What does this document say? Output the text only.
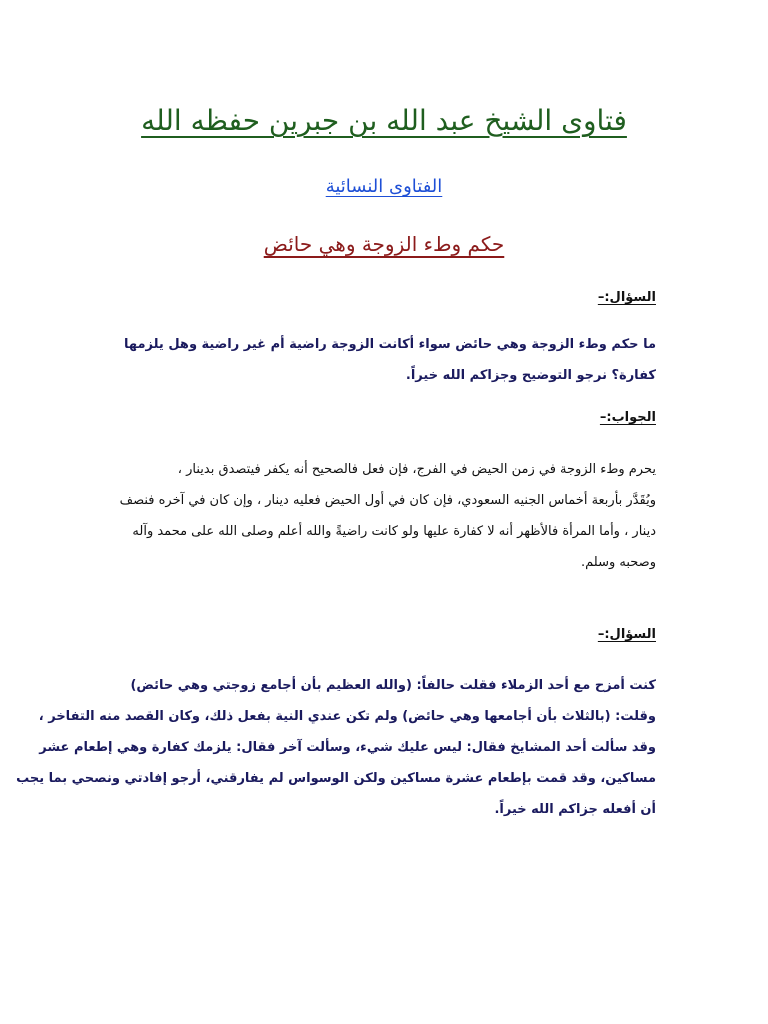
فتاوى الشيخ عبد الله بن جبرين حفظه الله
الفتاوى النسائية
حكم وطء الزوجة وهي حائض
السؤال:–

ما حكم وطء الزوجة وهي حائض سواء أكانت الزوجة راضية أم غير راضية وهل يلزمها
كفارة؟ نرجو التوضيح وجزاكم الله خيراً.

الجواب:–

يحرم وطء الزوجة في زمن الحيض في الفرج، فإن فعل فالصحيح أنه يكفر فيتصدق بدينار ،
ويُقَدَّر بأربعة أخماس الجنيه السعودي، فإن كان في أول الحيض فعليه دينار ، وإن كان في آخره فنصف
دينار ، وأما المرأة فالأظهر أنه لا كفارة عليها ولو كانت راضيةً والله أعلم وصلى الله على محمد وآله
وصحبه وسلم.

السؤال:–

كنت أمزح مع أحد الزملاء فقلت حالفاً: (والله العظيم بأن أجامع زوجتي وهي حائض)
وقلت: (بالثلاث بأن أجامعها وهي حائض) ولم تكن عندي النية بفعل ذلك، وكان القصد منه التفاخر ،
وقد سألت أحد المشايخ فقال: ليس عليك شيء، وسألت آخر فقال: يلزمك كفارة وهي إطعام عشر
مساكين، وقد قمت بإطعام عشرة مساكين ولكن الوسواس لم يفارقني، أرجو إفادتي ونصحي بما يجب
أن أفعله جزاكم الله خيراً.
